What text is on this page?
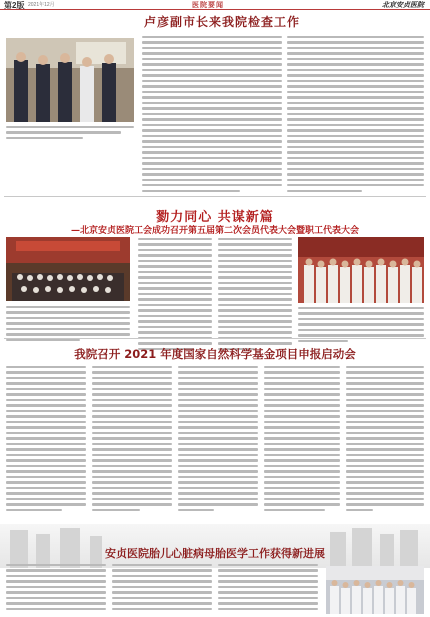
第2版 2021年12月	医院要闻	北京安贞医院
卢彦副市长来我院检查工作
勠力同心 共谋新篇
—北京安贞医院工会成功召开第五届第二次会员代表大会暨职工代表大会
我院召开 2021 年度国家自然科学基金项目申报启动会
安贞医院胎儿心脏病母胎医学工作获得新进展
